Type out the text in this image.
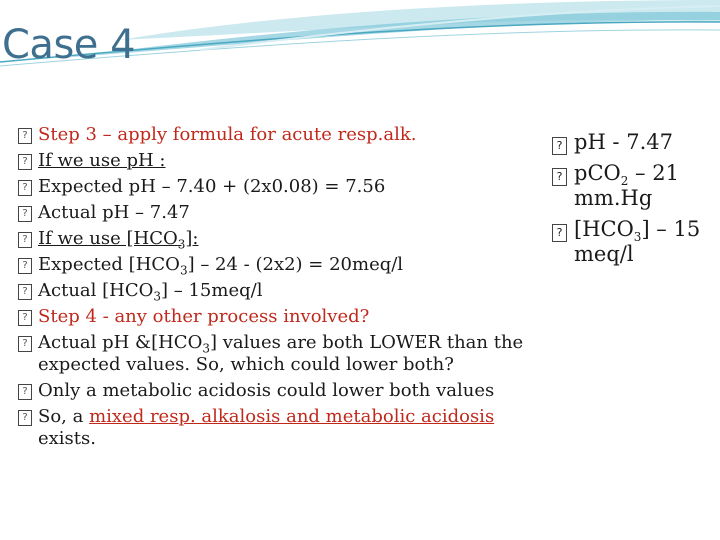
Case 4
?
Step 3 – apply formula for acute resp.alk.
?
If we use pH :
?
Expected pH – 7.40 + (2x0.08) = 7.56
?
Actual pH – 7.47
?
If we use $[HCO_3]$:
?
Expected $[HCO_3] - 24 - (2x2) = 20meq/l$
?
Actual $[HCO_3] - 15meq/l$
?
Step 4 - any other process involved?
?
Actual pH $\&[HCO_3]$ values are both LOWER than the expected values. So, which could lower both?
?
Only a metabolic acidosis could lower both values
?
So, a mixed resp. alkalosis and metabolic acidosis exists.
?
pH - 7.47
?
pCO$_2$ – 21 mm.Hg
?
$[HCO_3] - 15$ meq/l
